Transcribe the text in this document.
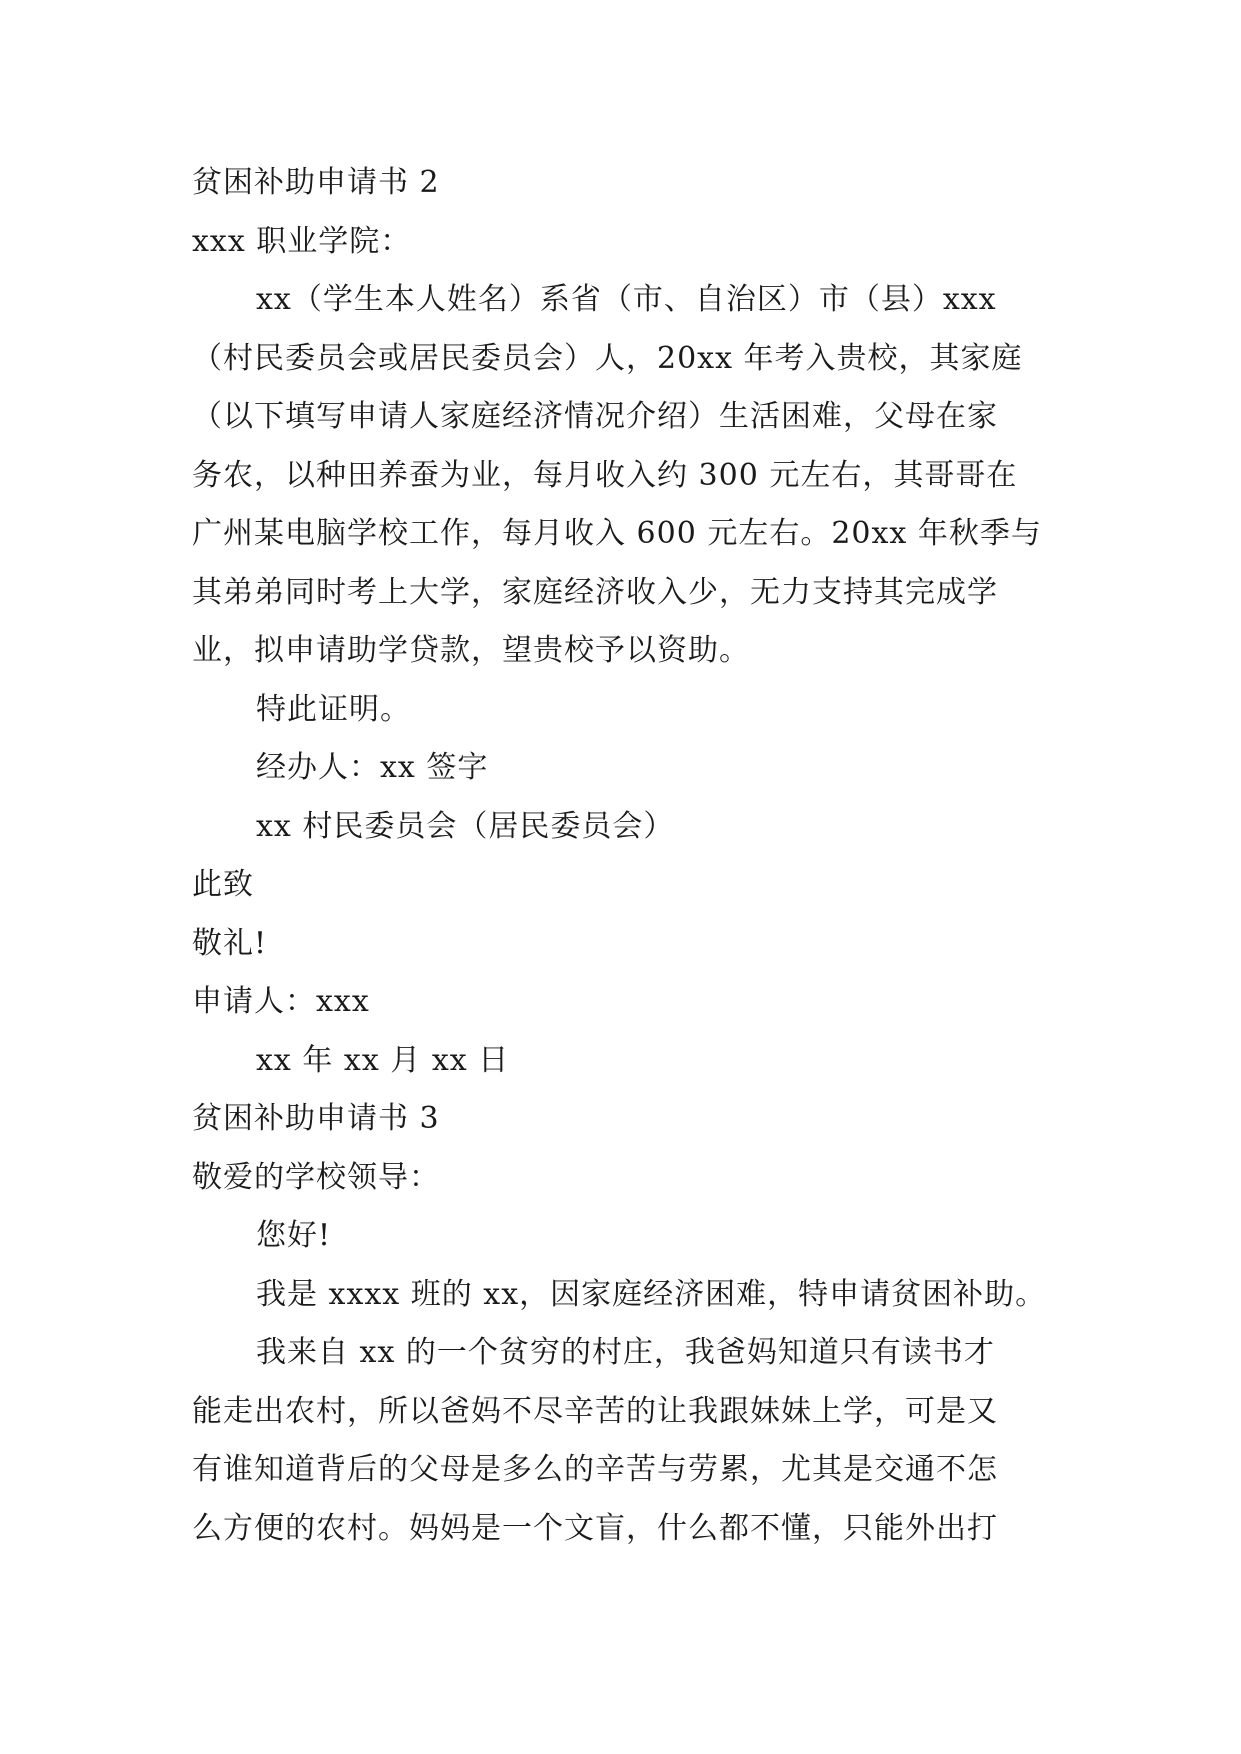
贫困补助申请书 2
xxx 职业学院：
xx（学生本人姓名）系省（市、自治区）市（县）xxx
（村民委员会或居民委员会）人，20xx 年考入贵校，其家庭
（以下填写申请人家庭经济情况介绍）生活困难，父母在家
务农，以种田养蚕为业，每月收入约 300 元左右，其哥哥在
广州某电脑学校工作，每月收入 600 元左右。20xx 年秋季与
其弟弟同时考上大学，家庭经济收入少，无力支持其完成学
业，拟申请助学贷款，望贵校予以资助。
特此证明。
经办人：xx 签字
xx 村民委员会（居民委员会）
此致
敬礼!
申请人：xxx
xx 年 xx 月 xx 日
贫困补助申请书 3
敬爱的学校领导：
您好!
我是 xxxx 班的 xx，因家庭经济困难，特申请贫困补助。
我来自 xx 的一个贫穷的村庄，我爸妈知道只有读书才
能走出农村，所以爸妈不尽辛苦的让我跟妹妹上学，可是又
有谁知道背后的父母是多么的辛苦与劳累，尤其是交通不怎
么方便的农村。妈妈是一个文盲，什么都不懂，只能外出打
